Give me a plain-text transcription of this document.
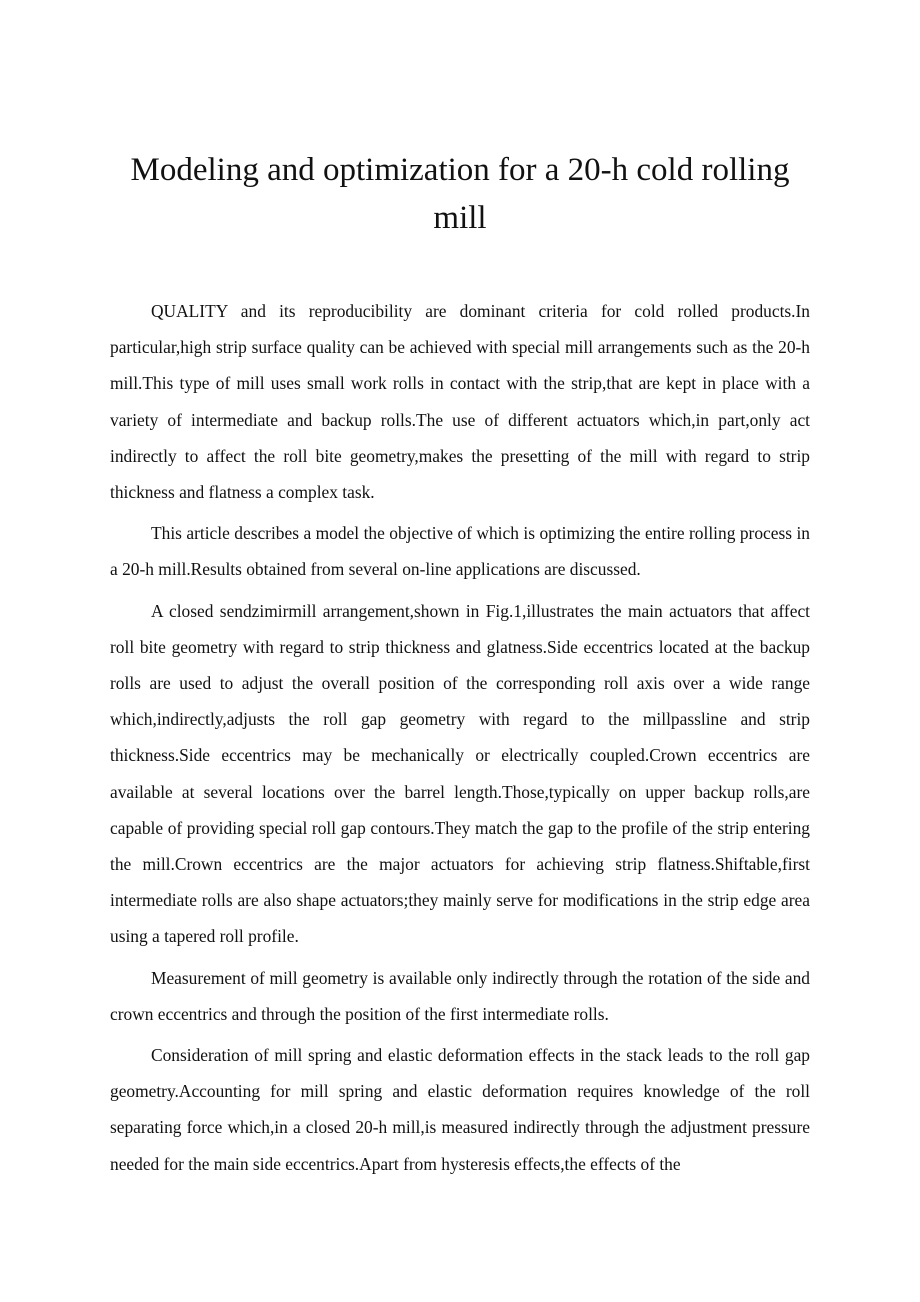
Modeling and optimization for a 20-h cold rolling mill

QUALITY and its reproducibility are dominant criteria for cold rolled products.In particular,high strip surface quality can be achieved with special mill arrangements such as the 20-h mill.This type of mill uses small work rolls in contact with the strip,that are kept in place with a variety of intermediate and backup rolls.The use of different actuators which,in part,only act indirectly to affect the roll bite geometry,makes the presetting of the mill with regard to strip thickness and flatness a complex task.

This article describes a model the objective of which is optimizing the entire rolling process in a 20-h mill.Results obtained from several on-line applications are discussed.

A closed sendzimirmill arrangement,shown in Fig.1,illustrates the main actuators that affect roll bite geometry with regard to strip thickness and glatness.Side eccentrics located at the backup rolls are used to adjust the overall position of the corresponding roll axis over a wide range which,indirectly,adjusts the roll gap geometry with regard to the millpassline and strip thickness.Side eccentrics may be mechanically or electrically coupled.Crown eccentrics are available at several locations over the barrel length.Those,typically on upper backup rolls,are capable of providing special roll gap contours.They match the gap to the profile of the strip entering the mill.Crown eccentrics are the major actuators for achieving strip flatness.Shiftable,first intermediate rolls are also shape actuators;they mainly serve for modifications in the strip edge area using a tapered roll profile.

Measurement of mill geometry is available only indirectly through the rotation of the side and crown eccentrics and through the position of the first intermediate rolls.

Consideration of mill spring and elastic deformation effects in the stack leads to the roll gap geometry.Accounting for mill spring and elastic deformation requires knowledge of the roll separating force which,in a closed 20-h mill,is measured indirectly through the adjustment pressure needed for the main side eccentrics.Apart from hysteresis effects,the effects of the
